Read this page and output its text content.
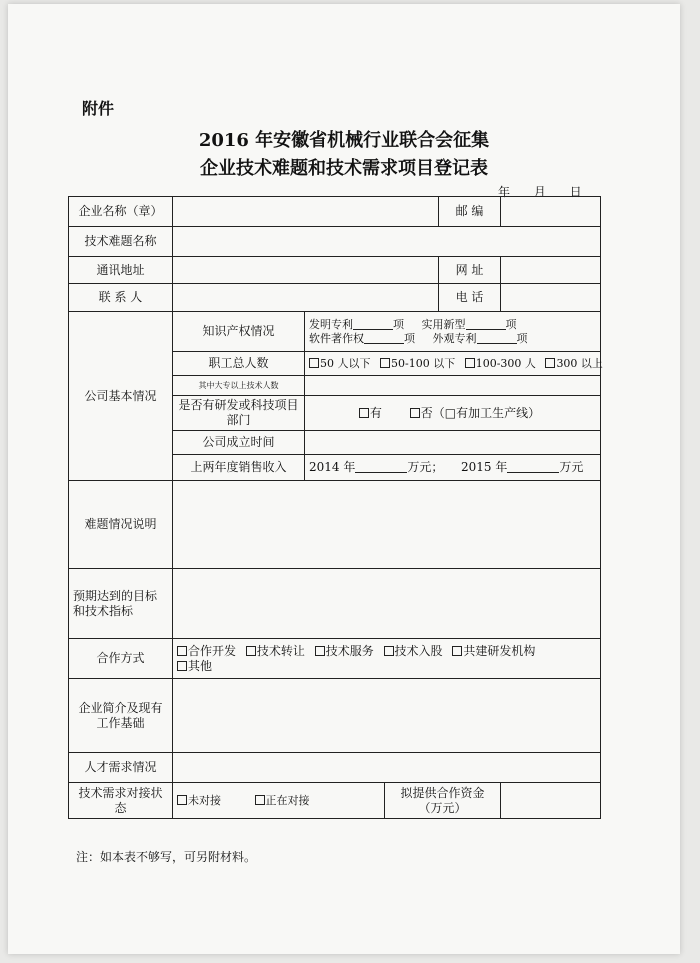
附件
2016 年安徽省机械行业联合会征集
企业技术难题和技术需求项目登记表
年 月 日
企业名称（章）				邮 编	
技术难题名称					
通讯地址				网 址	
联 系 人				电 话	
公司基本情况	知识产权情况	发明专利 项 实用新型 项
软件著作权 项 外观专利 项			

	职工总人数	50 人以下 50-100 以下 100-300 人 300 以上			
	其中大专以上技术人数				
	是否有研发或科技项目部门	有 否（□有加工生产线）			
	公司成立时间				
	上两年度销售收入	2014 年 万元； 2015 年 万元			
难题情况说明					
预期达到的目标和技术指标					
合作方式	合作开发 技术转让 技术服务 技术入股 共建研发机构
其他				
企业简介及现有工作基础					
人才需求情况					
技术需求对接状态	未对接 正在对接		拟提供合作资金
（万元）		

注：如本表不够写，可另附材料。
